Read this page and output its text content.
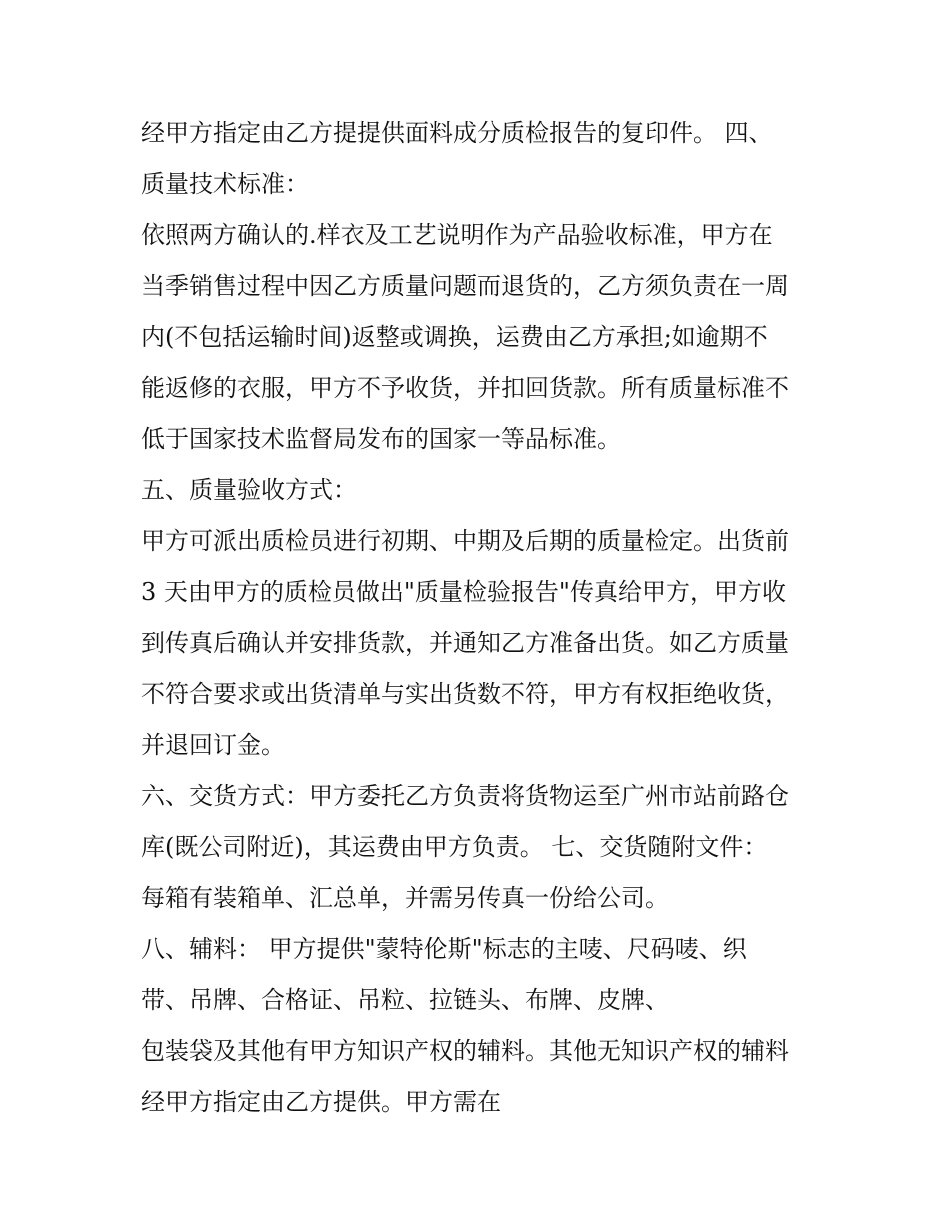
经甲方指定由乙方提提供面料成分质检报告的复印件。 四、
质量技术标准：
依照两方确认的.样衣及工艺说明作为产品验收标准，甲方在
当季销售过程中因乙方质量问题而退货的，乙方须负责在一周
内(不包括运输时间)返整或调换，运费由乙方承担;如逾期不
能返修的衣服，甲方不予收货，并扣回货款。所有质量标准不
低于国家技术监督局发布的国家一等品标准。
五、质量验收方式：
甲方可派出质检员进行初期、中期及后期的质量检定。出货前
3 天由甲方的质检员做出"质量检验报告"传真给甲方，甲方收
到传真后确认并安排货款，并通知乙方准备出货。如乙方质量
不符合要求或出货清单与实出货数不符，甲方有权拒绝收货，
并退回订金。
六、交货方式：甲方委托乙方负责将货物运至广州市站前路仓
库(既公司附近)，其运费由甲方负责。 七、交货随附文件：
每箱有装箱单、汇总单，并需另传真一份给公司。
八、辅料： 甲方提供"蒙特伦斯"标志的主唛、尺码唛、织
带、吊牌、合格证、吊粒、拉链头、布牌、皮牌、
包装袋及其他有甲方知识产权的辅料。其他无知识产权的辅料
经甲方指定由乙方提供。甲方需在
